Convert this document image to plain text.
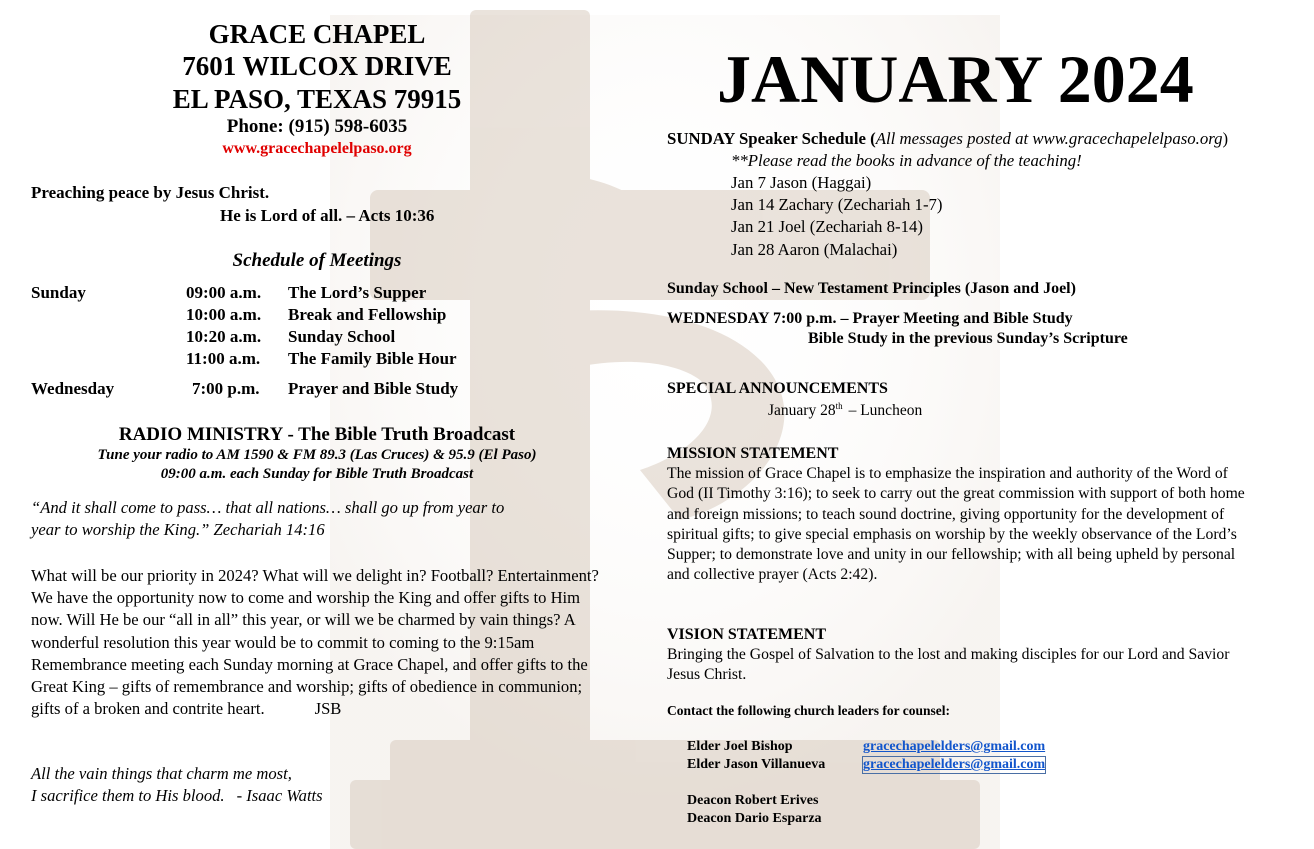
GRACE CHAPEL
7601 WILCOX DRIVE
EL PASO, TEXAS 79915
Phone: (915) 598-6035
www.gracechapelelpaso.org
Preaching peace by Jesus Christ.
He is Lord of all. – Acts 10:36
Schedule of Meetings
Sunday	09:00 a.m. The Lord’s Supper
10:00 a.m. Break and Fellowship
10:20 a.m. Sunday School
11:00 a.m. The Family Bible Hour
Wednesday	7:00 p.m. Prayer and Bible Study
RADIO MINISTRY - The Bible Truth Broadcast
Tune your radio to AM 1590 & FM 89.3 (Las Cruces) & 95.9 (El Paso)
09:00 a.m. each Sunday for Bible Truth Broadcast
“And it shall come to pass… that all nations… shall go up from year to
year to worship the King.” Zechariah 14:16
What will be our priority in 2024? What will we delight in? Football? Entertainment? We have the opportunity now to come and worship the King and offer gifts to Him now. Will He be our “all in all” this year, or will we be charmed by vain things? A wonderful resolution this year would be to commit to coming to the 9:15am Remembrance meeting each Sunday morning at Grace Chapel, and offer gifts to the Great King – gifts of remembrance and worship; gifts of obedience in communion; gifts of a broken and contrite heart.	JSB
All the vain things that charm me most,
I sacrifice them to His blood. - Isaac Watts
JANUARY 2024
SUNDAY Speaker Schedule (All messages posted at www.gracechapelelpaso.org)
**Please read the books in advance of the teaching!
Jan 7 Jason (Haggai)
Jan 14 Zachary (Zechariah 1-7)
Jan 21 Joel (Zechariah 8-14)
Jan 28 Aaron (Malachai)
Sunday School – New Testament Principles (Jason and Joel)
WEDNESDAY 7:00 p.m. – Prayer Meeting and Bible Study
Bible Study in the previous Sunday’s Scripture
SPECIAL ANNOUNCEMENTS
January 28th – Luncheon
MISSION STATEMENT
The mission of Grace Chapel is to emphasize the inspiration and authority of the Word of God (II Timothy 3:16); to seek to carry out the great commission with support of both home and foreign missions; to teach sound doctrine, giving opportunity for the development of spiritual gifts; to give special emphasis on worship by the weekly observance of the Lord’s Supper; to demonstrate love and unity in our fellowship; with all being upheld by personal and collective prayer (Acts 2:42).
VISION STATEMENT
Bringing the Gospel of Salvation to the lost and making disciples for our Lord and Savior Jesus Christ.
Contact the following church leaders for counsel:
Elder Joel Bishop	gracechapelelders@gmail.com
Elder Jason Villanueva	gracechapelelders@gmail.com
Deacon Robert Erives
Deacon Dario Esparza
